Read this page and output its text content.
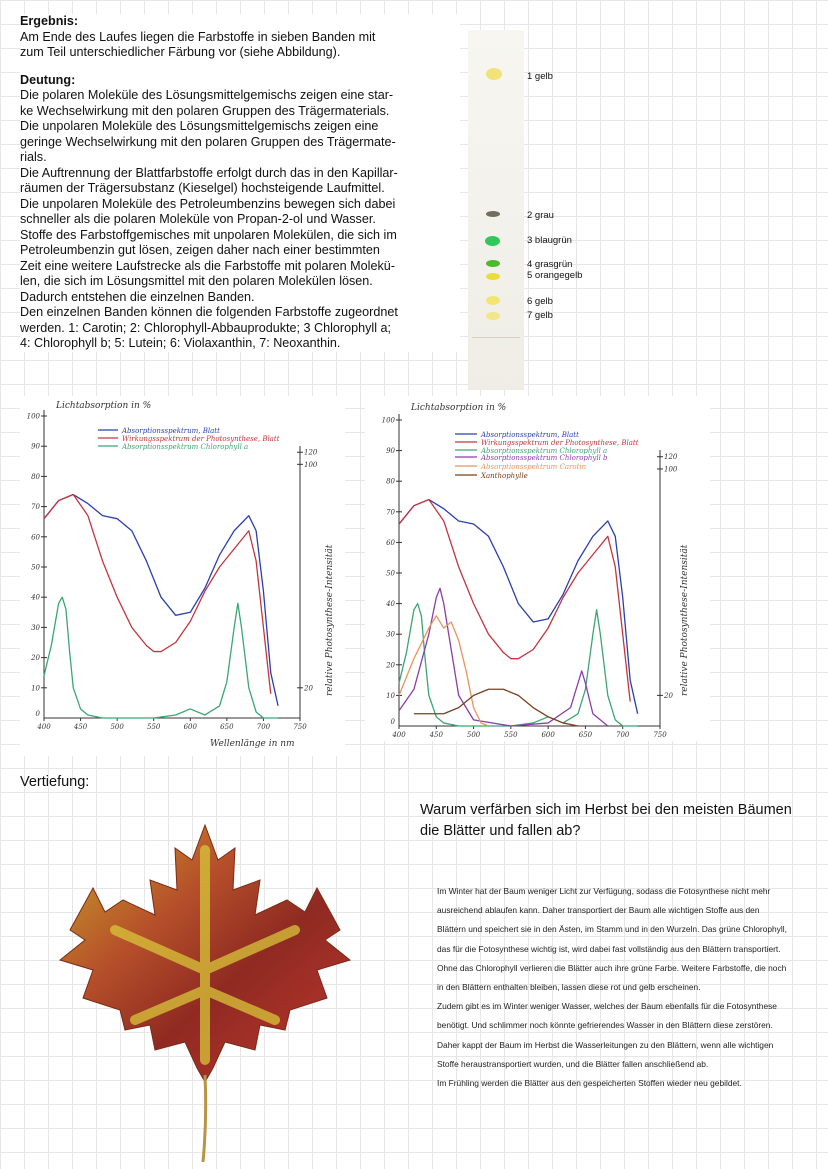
Ergebnis:

Am Ende des Laufes liegen die Farbstoffe in sieben Banden mit

zum Teil unterschiedlicher Färbung vor (siehe Abbildung).

Deutung:

Die polaren Moleküle des Lösungsmittelgemischs zeigen eine star-

ke Wechselwirkung mit den polaren Gruppen des Trägermaterials.

Die unpolaren Moleküle des Lösungsmittelgemischs zeigen eine

geringe Wechselwirkung mit den polaren Gruppen des Trägermate-

rials.

Die Auftrennung der Blattfarbstoffe erfolgt durch das in den Kapillar-

räumen der Trägersubstanz (Kieselgel) hochsteigende Laufmittel.

Die unpolaren Moleküle des Petroleumbenzins bewegen sich dabei

schneller als die polaren Moleküle von Propan-2-ol und Wasser.

Stoffe des Farbstoffgemisches mit unpolaren Molekülen, die sich im

Petroleumbenzin gut lösen, zeigen daher nach einer bestimmten

Zeit eine weitere Laufstrecke als die Farbstoffe mit polaren Molekü-

len, die sich im Lösungsmittel mit den polaren Molekülen lösen.

Dadurch entstehen die einzelnen Banden.

Den einzelnen Banden können die folgenden Farbstoffe zugeordnet

werden. 1: Carotin; 2: Chlorophyll-Abbauprodukte; 3 Chlorophyll a;

4: Chlorophyll b; 5: Lutein; 6: Violaxanthin, 7: Neoxanthin.

1 gelb
2 grau
3 blaugrün
4 grasgrün
5 orangegelb
6 gelb
7 gelb
Lichtabsorption in %
Wellenlänge in nm
relative Photosynthese-Intensität
Absorptionsspektrum, Blatt
Wirkungsspektrum der Photosynthese, Blatt
Absorptionsspektrum Chlorophyll a
400	450	500	550	600	650	700	750
10
20
30
40
50
60
70
80
90
100
0
20
100
120
Lichtabsorption in %
relative Photosynthese-Intensität
Absorptionsspektrum, Blatt
Wirkungsspektrum der Photosynthese, Blatt
Absorptionsspektrum Chlorophyll a
Absorptionsspektrum Chlorophyll b
Absorptionsspektrum Carotin
Xanthophylle
400	450	500	550	600	650	700	750
10
20
30
40
50
60
70
80
90
100
0
20
100
120
Vertiefung:
Warum verfärben sich im Herbst bei den meisten Bäumen die Blätter und fallen ab?

Im Winter hat der Baum weniger Licht zur Verfügung, sodass die Fotosynthese nicht mehr ausreichend ablaufen kann. Daher transportiert der Baum alle wichtigen Stoffe aus den Blättern und speichert sie in den Ästen, im Stamm und in den Wurzeln. Das grüne Chlorophyll, das für die Fotosynthese wichtig ist, wird dabei fast vollständig aus den Blättern transportiert. Ohne das Chlorophyll verlieren die Blätter auch ihre grüne Farbe. Weitere Farbstoffe, die noch in den Blättern enthalten bleiben, lassen diese rot und gelb erscheinen.

Zudem gibt es im Winter weniger Wasser, welches der Baum ebenfalls für die Fotosynthese benötigt. Und schlimmer noch könnte gefrierendes Wasser in den Blättern diese zerstören. Daher kappt der Baum im Herbst die Wasserleitungen zu den Blättern, wenn alle wichtigen Stoffe heraustransportiert wurden, und die Blätter fallen anschließend ab.

Im Frühling werden die Blätter aus den gespeicherten Stoffen wieder neu gebildet.
